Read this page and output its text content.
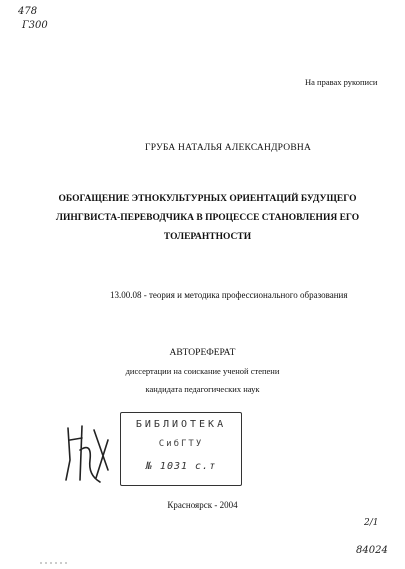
478
Г300
На правах рукописи
ГРУБА НАТАЛЬЯ АЛЕКСАНДРОВНА
ОБОГАЩЕНИЕ ЭТНОКУЛЬТУРНЫХ ОРИЕНТАЦИЙ БУДУЩЕГО
ЛИНГВИСТА-ПЕРЕВОДЧИКА В ПРОЦЕССЕ СТАНОВЛЕНИЯ ЕГО
ТОЛЕРАНТНОСТИ
13.00.08 - теория и методика профессионального образования
АВТОРЕФЕРАТ
диссертации на соискание ученой степени
кандидата педагогических наук
БИБЛИОТЕКА
СибГТУ
№ 1031 с.т
Красноярск - 2004
2/1
84024
